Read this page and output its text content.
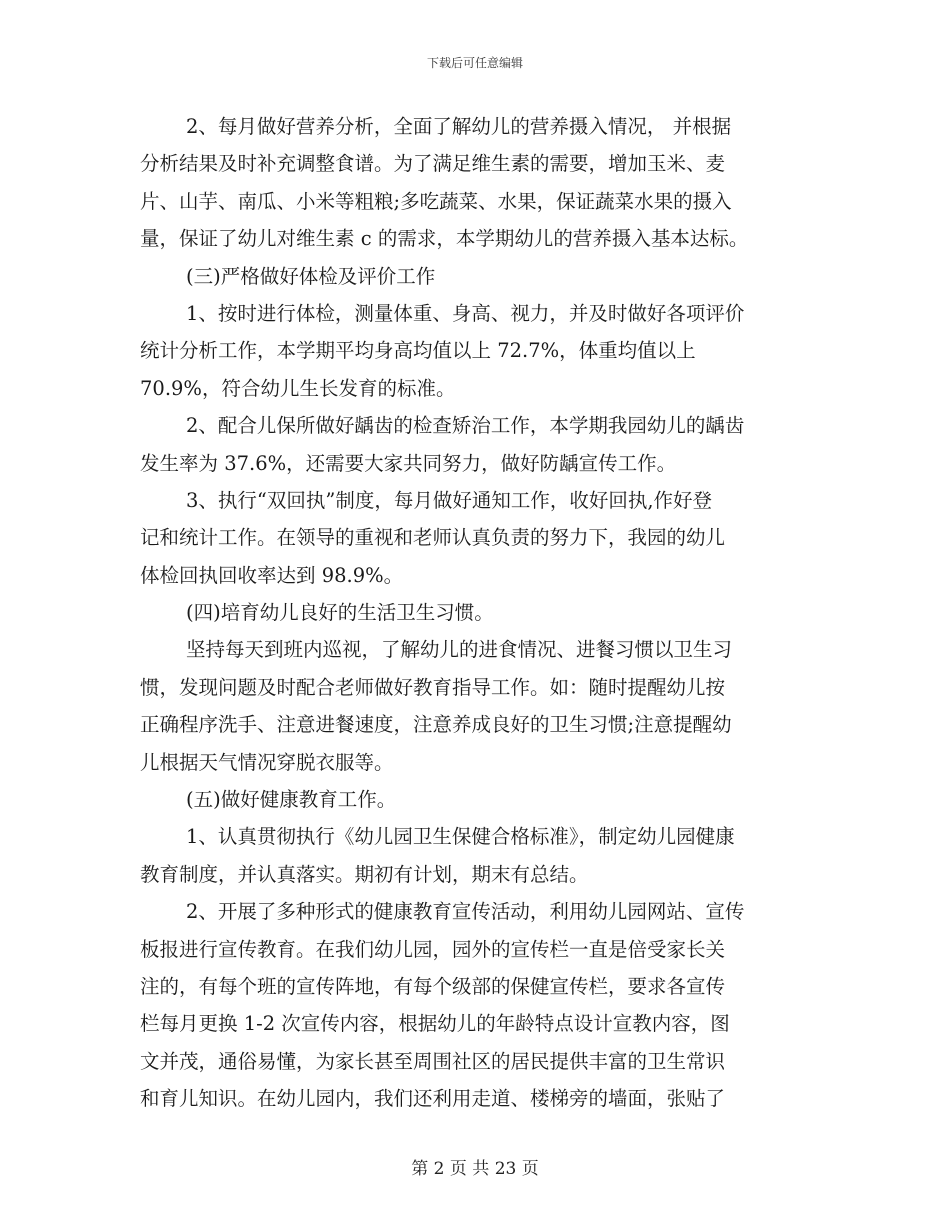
下载后可任意编辑
2、每月做好营养分析，全面了解幼儿的营养摄入情况， 并根据
分析结果及时补充调整食谱。为了满足维生素的需要，增加玉米、麦
片、山芋、南瓜、小米等粗粮;多吃蔬菜、水果，保证蔬菜水果的摄入
量，保证了幼儿对维生素 c 的需求，本学期幼儿的营养摄入基本达标。
(三)严格做好体检及评价工作
1、按时进行体检，测量体重、身高、视力，并及时做好各项评价
统计分析工作，本学期平均身高均值以上 72.7%，体重均值以上
70.9%，符合幼儿生长发育的标准。
2、配合儿保所做好龋齿的检查矫治工作，本学期我园幼儿的龋齿
发生率为 37.6%，还需要大家共同努力，做好防龋宣传工作。
3、执行“双回执”制度，每月做好通知工作，收好回执,作好登
记和统计工作。在领导的重视和老师认真负责的努力下，我园的幼儿
体检回执回收率达到 98.9%。
(四)培育幼儿良好的生活卫生习惯。
坚持每天到班内巡视，了解幼儿的进食情况、进餐习惯以卫生习
惯，发现问题及时配合老师做好教育指导工作。如：随时提醒幼儿按
正确程序洗手、注意进餐速度，注意养成良好的卫生习惯;注意提醒幼
儿根据天气情况穿脱衣服等。
(五)做好健康教育工作。
1、认真贯彻执行《幼儿园卫生保健合格标准》，制定幼儿园健康
教育制度，并认真落实。期初有计划，期末有总结。
2、开展了多种形式的健康教育宣传活动，利用幼儿园网站、宣传
板报进行宣传教育。在我们幼儿园，园外的宣传栏一直是倍受家长关
注的，有每个班的宣传阵地，有每个级部的保健宣传栏，要求各宣传
栏每月更换 1-2 次宣传内容，根据幼儿的年龄特点设计宣教内容，图
文并茂，通俗易懂，为家长甚至周围社区的居民提供丰富的卫生常识
和育儿知识。在幼儿园内，我们还利用走道、楼梯旁的墙面，张贴了
第 2 页 共 23 页
